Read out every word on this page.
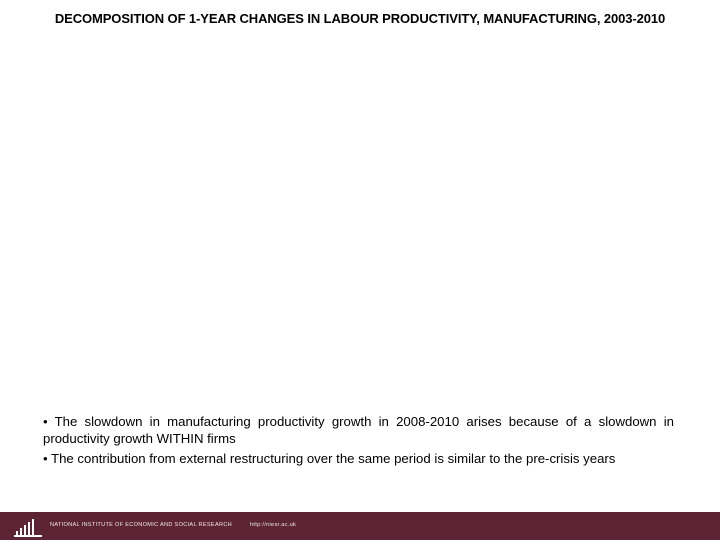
DECOMPOSITION OF 1-YEAR CHANGES IN LABOUR PRODUCTIVITY, MANUFACTURING, 2003-2010
• The slowdown in manufacturing productivity growth in 2008-2010 arises because of a slowdown in productivity growth WITHIN firms
• The contribution from external restructuring over the same period is similar to the pre-crisis years
NATIONAL INSTITUTE OF ECONOMIC AND SOCIAL RESEARCH	http://niesr.ac.uk
